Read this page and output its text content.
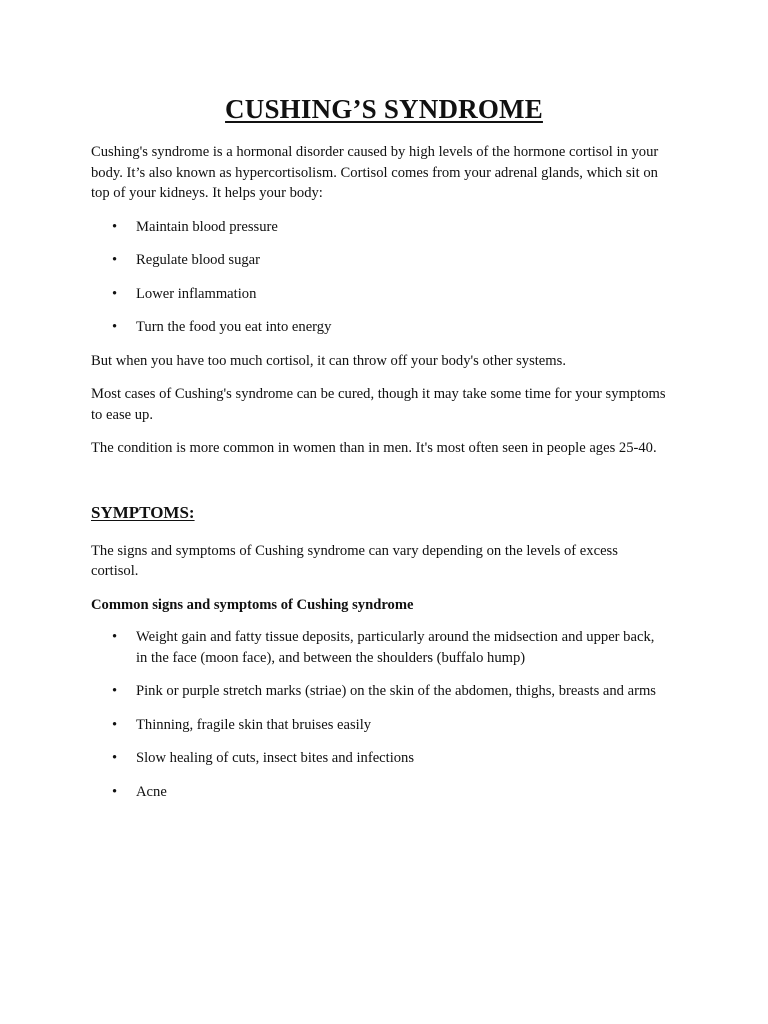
CUSHING’S SYNDROME

Cushing's syndrome is a hormonal disorder caused by high levels of the hormone cortisol in your body. It’s also known as hypercortisolism. Cortisol comes from your adrenal glands, which sit on top of your kidneys. It helps your body:

• Maintain blood pressure
• Regulate blood sugar
• Lower inflammation
• Turn the food you eat into energy

But when you have too much cortisol, it can throw off your body's other systems.

Most cases of Cushing's syndrome can be cured, though it may take some time for your symptoms to ease up.

The condition is more common in women than in men. It's most often seen in people ages 25-40.

SYMPTOMS:

The signs and symptoms of Cushing syndrome can vary depending on the levels of excess cortisol.

Common signs and symptoms of Cushing syndrome

• Weight gain and fatty tissue deposits, particularly around the midsection and upper back, in the face (moon face), and between the shoulders (buffalo hump)
• Pink or purple stretch marks (striae) on the skin of the abdomen, thighs, breasts and arms
• Thinning, fragile skin that bruises easily
• Slow healing of cuts, insect bites and infections
• Acne
